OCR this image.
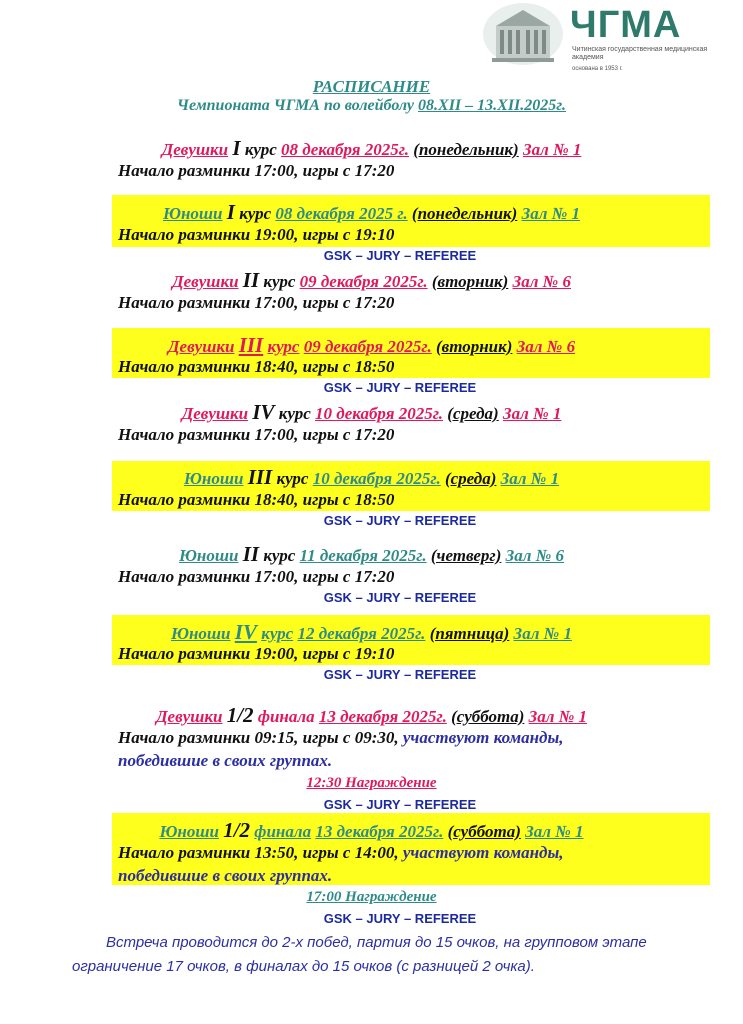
ЧГМА
Читинская государственная медицинская академия
основана в 1953 г.
РАСПИСАНИЕ
Чемпионата ЧГМА по волейболу 08.XII – 13.XII.2025г.
Девушки I курс 08 декабря 2025г. (понедельник) Зал № 1
Начало разминки 17:00, игры с 17:20
Юноши I курс 08 декабря 2025 г. (понедельник) Зал № 1
Начало разминки 19:00, игры с 19:10
GSK – JURY – REFEREE
Девушки II курс 09 декабря 2025г. (вторник) Зал № 6
Начало разминки 17:00, игры с 17:20
Девушки III курс 09 декабря 2025г. (вторник) Зал № 6
Начало разминки 18:40, игры с 18:50
GSK – JURY – REFEREE
Девушки IV курс 10 декабря 2025г. (среда) Зал № 1
Начало разминки 17:00, игры с 17:20
Юноши III курс 10 декабря 2025г. (среда) Зал № 1
Начало разминки 18:40, игры с 18:50
GSK – JURY – REFEREE
Юноши II курс 11 декабря 2025г. (четверг) Зал № 6
Начало разминки 17:00, игры с 17:20
GSK – JURY – REFEREE
Юноши IV курс 12 декабря 2025г. (пятница) Зал № 1
Начало разминки 19:00, игры с 19:10
GSK – JURY – REFEREE
Девушки 1/2 финала 13 декабря 2025г. (суббота) Зал № 1
Начало разминки 09:15, игры с 09:30, участвуют команды,
победившие в своих группах.
12:30 Награждение
GSK – JURY – REFEREE
Юноши 1/2 финала 13 декабря 2025г. (суббота) Зал № 1
Начало разминки 13:50, игры с 14:00, участвуют команды,
победившие в своих группах.
17:00 Награждение
GSK – JURY – REFEREE
Встреча проводится до 2-х побед, партия до 15 очков, на групповом этапе
ограничение 17 очков, в финалах до 15 очков (с разницей 2 очка).
